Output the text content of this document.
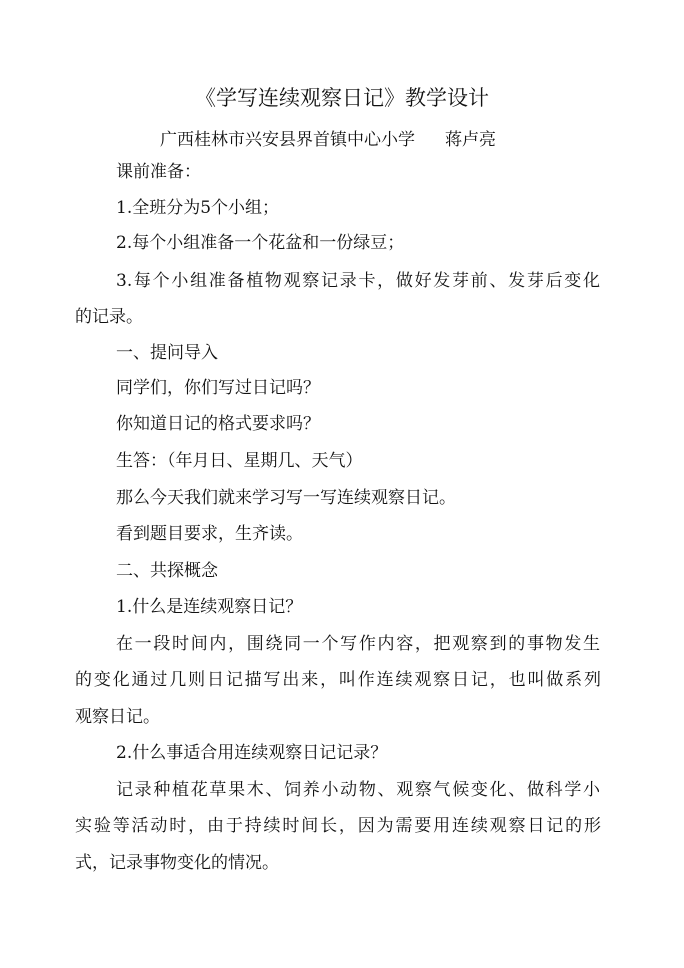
《学写连续观察日记》教学设计
广西桂林市兴安县界首镇中心小学 蒋卢亮
课前准备：
1.全班分为5个小组；
2.每个小组准备一个花盆和一份绿豆；
3.每个小组准备植物观察记录卡，做好发芽前、发芽后变化
的记录。
一、提问导入
同学们，你们写过日记吗？
你知道日记的格式要求吗？
生答：（年月日、星期几、天气）
那么今天我们就来学习写一写连续观察日记。
看到题目要求，生齐读。
二、共探概念
1.什么是连续观察日记？
在一段时间内，围绕同一个写作内容，把观察到的事物发生
的变化通过几则日记描写出来，叫作连续观察日记，也叫做系列
观察日记。
2.什么事适合用连续观察日记记录？
记录种植花草果木、饲养小动物、观察气候变化、做科学小
实验等活动时，由于持续时间长，因为需要用连续观察日记的形
式，记录事物变化的情况。
